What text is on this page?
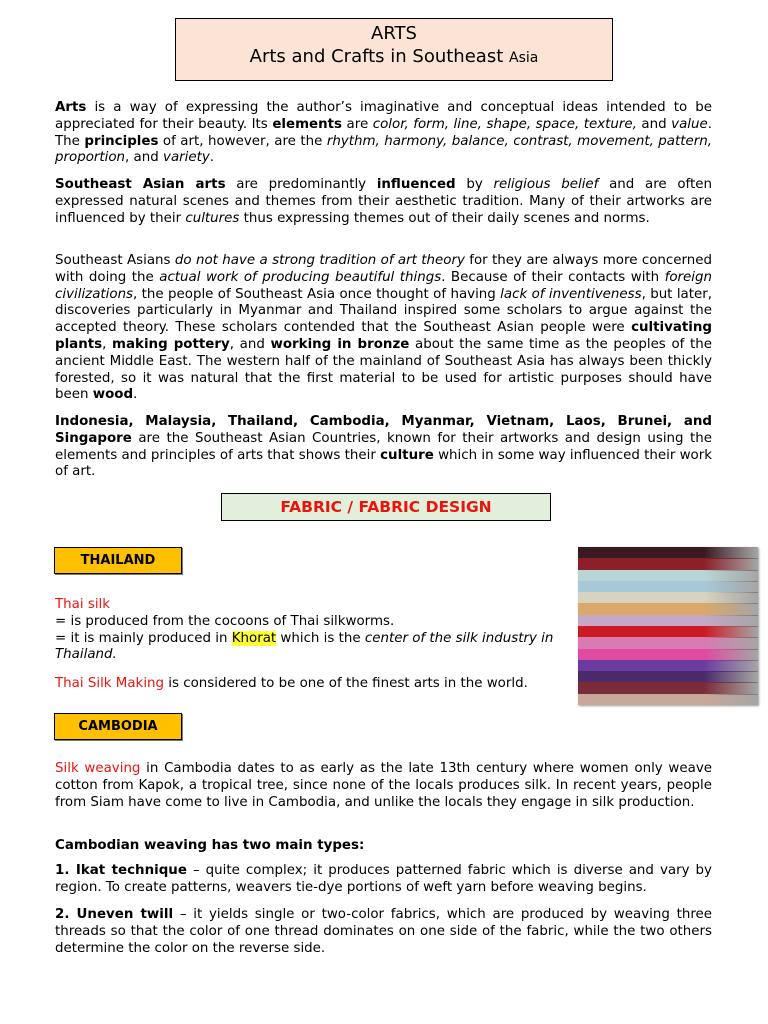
ARTS
Arts and Crafts in Southeast Asia

Arts is a way of expressing the author’s imaginative and conceptual ideas intended to be appreciated for their beauty. Its elements are color, form, line, shape, space, texture, and value. The principles of art, however, are the rhythm, harmony, balance, contrast, movement, pattern, proportion, and variety.

Southeast Asian arts are predominantly influenced by religious belief and are often expressed natural scenes and themes from their aesthetic tradition. Many of their artworks are influenced by their cultures thus expressing themes out of their daily scenes and norms.

Southeast Asians do not have a strong tradition of art theory for they are always more concerned with doing the actual work of producing beautiful things. Because of their contacts with foreign civilizations, the people of Southeast Asia once thought of having lack of inventiveness, but later, discoveries particularly in Myanmar and Thailand inspired some scholars to argue against the accepted theory. These scholars contended that the Southeast Asian people were cultivating plants, making pottery, and working in bronze about the same time as the peoples of the ancient Middle East. The western half of the mainland of Southeast Asia has always been thickly forested, so it was natural that the first material to be used for artistic purposes should have been wood.

Indonesia, Malaysia, Thailand, Cambodia, Myanmar, Vietnam, Laos, Brunei, and Singapore are the Southeast Asian Countries, known for their artworks and design using the elements and principles of arts that shows their culture which in some way influenced their work of art.

FABRIC / FABRIC DESIGN
THAILAND

Thai silk
= is produced from the cocoons of Thai silkworms.
= it is mainly produced in Khorat which is the center of the silk industry in Thailand.

Thai Silk Making is considered to be one of the finest arts in the world.

CAMBODIA

Silk weaving in Cambodia dates to as early as the late 13th century where women only weave cotton from Kapok, a tropical tree, since none of the locals produces silk. In recent years, people from Siam have come to live in Cambodia, and unlike the locals they engage in silk production.

Cambodian weaving has two main types:

1. Ikat technique – quite complex; it produces patterned fabric which is diverse and vary by region. To create patterns, weavers tie-dye portions of weft yarn before weaving begins.

2. Uneven twill – it yields single or two-color fabrics, which are produced by weaving three threads so that the color of one thread dominates on one side of the fabric, while the two others determine the color on the reverse side.
